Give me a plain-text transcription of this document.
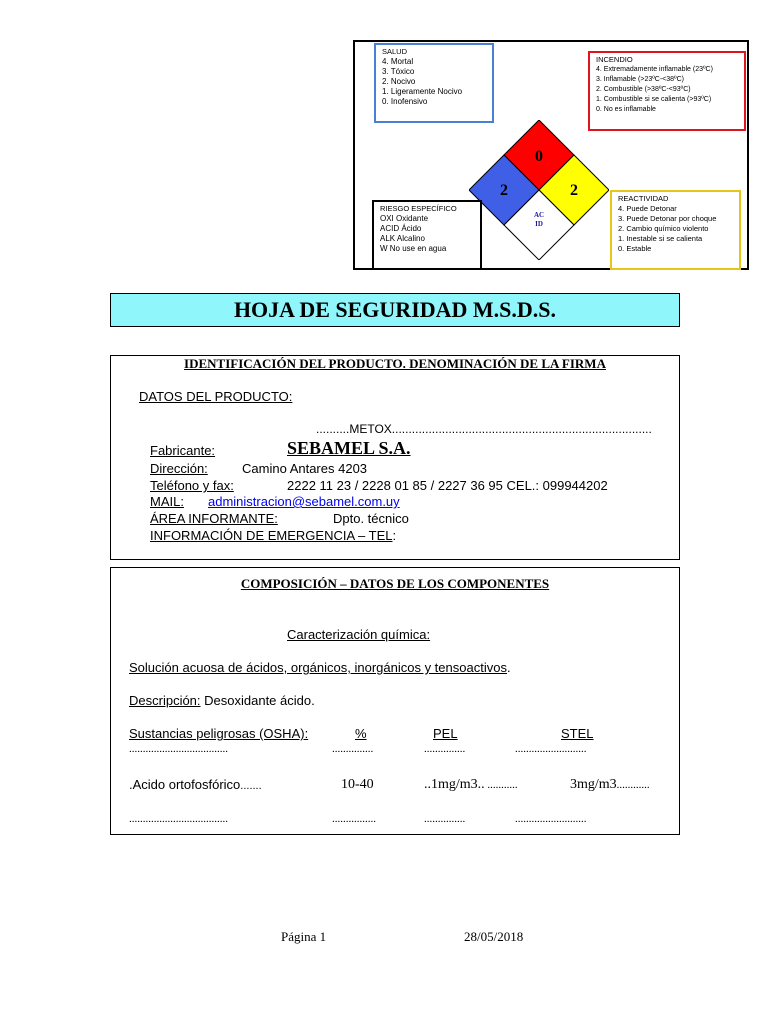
SALUD
4. Mortal
3. Tóxico
2. Nocivo
1. Ligeramente Nocivo
0. Inofensivo
INCENDIO
4. Extremadamente inflamable (23ºC)
3. Inflamable (>23ºC-<38ºC)
2. Combustible (>38ºC-<93ºC)
1. Combustible si se calienta (>93ºC)
0. No es inflamable
0
2	2
AC
ID
RIESGO ESPECÍFICO
OXI Oxidante
ACID Ácido
ALK Alcalino
W No use en agua
REACTIVIDAD
4. Puede Detonar
3. Puede Detonar por choque
2. Cambio químico violento
1. Inestable si se calienta
0. Estable
HOJA DE SEGURIDAD M.S.D.S.
IDENTIFICACIÓN DEL PRODUCTO. DENOMINACIÓN DE LA FIRMA
DATOS DEL PRODUCTO:
..........METOX..............................................................................
Fabricante:	SEBAMEL S.A.
Dirección:	Camino Antares 4203
Teléfono y fax:	2222 11 23 / 2228 01 85 / 2227 36 95 CEL.: 099944202
MAIL: administracion@sebamel.com.uy
ÁREA INFORMANTE:	Dpto. técnico
INFORMACIÓN DE EMERGENCIA – TEL:
COMPOSICIÓN – DATOS DE LOS COMPONENTES
Caracterización química:
Solución acuosa de ácidos, orgánicos, inorgánicos y tensoactivos.
Descripción: Desoxidante ácido.
Sustancias peligrosas (OSHA):	%	PEL	STEL
....................................	...............	...............	..........................
.Acido ortofosfórico.......	10-40	..1mg/m3.. ...........	3mg/m3............
....................................	................	...............	..........................
Página 1	28/05/2018
